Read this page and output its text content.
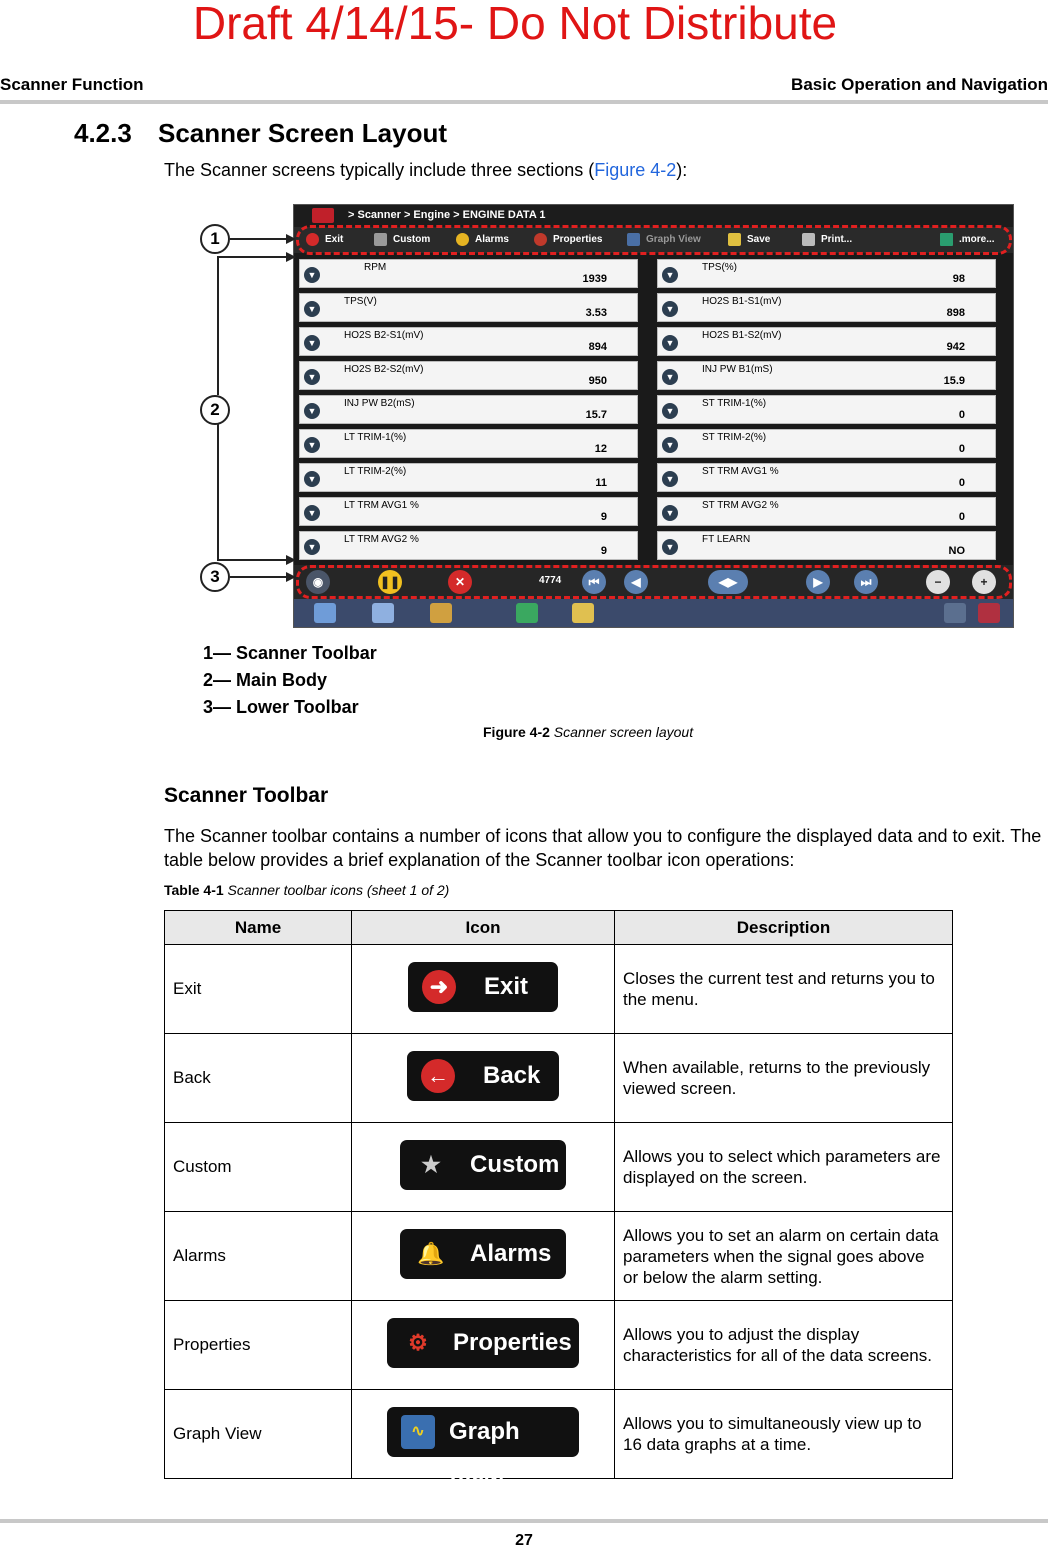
Draft 4/14/15- Do Not Distribute
Scanner Function	Basic Operation and Navigation
4.2.3 Scanner Screen Layout
The Scanner screens typically include three sections (Figure 4-2):
> Scanner > Engine > ENGINE DATA 1
Exit	Custom	Alarms	Properties	Graph View	Save	Print...	.more...
▼
RPM
1939
▼
TPS(V)
3.53
▼
HO2S B2-S1(mV)
894
▼
HO2S B2-S2(mV)
950
▼
INJ PW B2(mS)
15.7
▼
LT TRIM-1(%)
12
▼
LT TRIM-2(%)
11
▼
LT TRM AVG1 %
9
▼
LT TRM AVG2 %
9
▼
TPS(%)
98
▼
HO2S B1-S1(mV)
898
▼
HO2S B1-S2(mV)
942
▼
INJ PW B1(mS)
15.9
▼
ST TRIM-1(%)
0
▼
ST TRIM-2(%)
0
▼
ST TRM AVG1 %
0
▼
ST TRM AVG2 %
0
▼
FT LEARN
NO
◉	❚❚	✕	4774	⏮	◀	◀▶	▶	⏭	−	+
1
2
3
1— Scanner Toolbar
2— Main Body
3— Lower Toolbar
Figure 4-2 Scanner screen layout
Scanner Toolbar
The Scanner toolbar contains a number of icons that allow you to configure the displayed data and to exit. The table below provides a brief explanation of the Scanner toolbar icon operations:
Table 4-1 Scanner toolbar icons (sheet 1 of 2)
Name	Icon	Description
Exit	➜ Exit	Closes the current test and returns you to the menu.
Back	← Back	When available, returns to the previously viewed screen.
Custom	★ Custom	Allows you to select which parameters are displayed on the screen.
Alarms	🔔 Alarms	Allows you to set an alarm on certain data parameters when the signal goes above or below the alarm setting.
Properties	⚙ Properties	Allows you to adjust the display characteristics for all of the data screens.
Graph View	∿ Graph View	Allows you to simultaneously view up to 16 data graphs at a time.
27
